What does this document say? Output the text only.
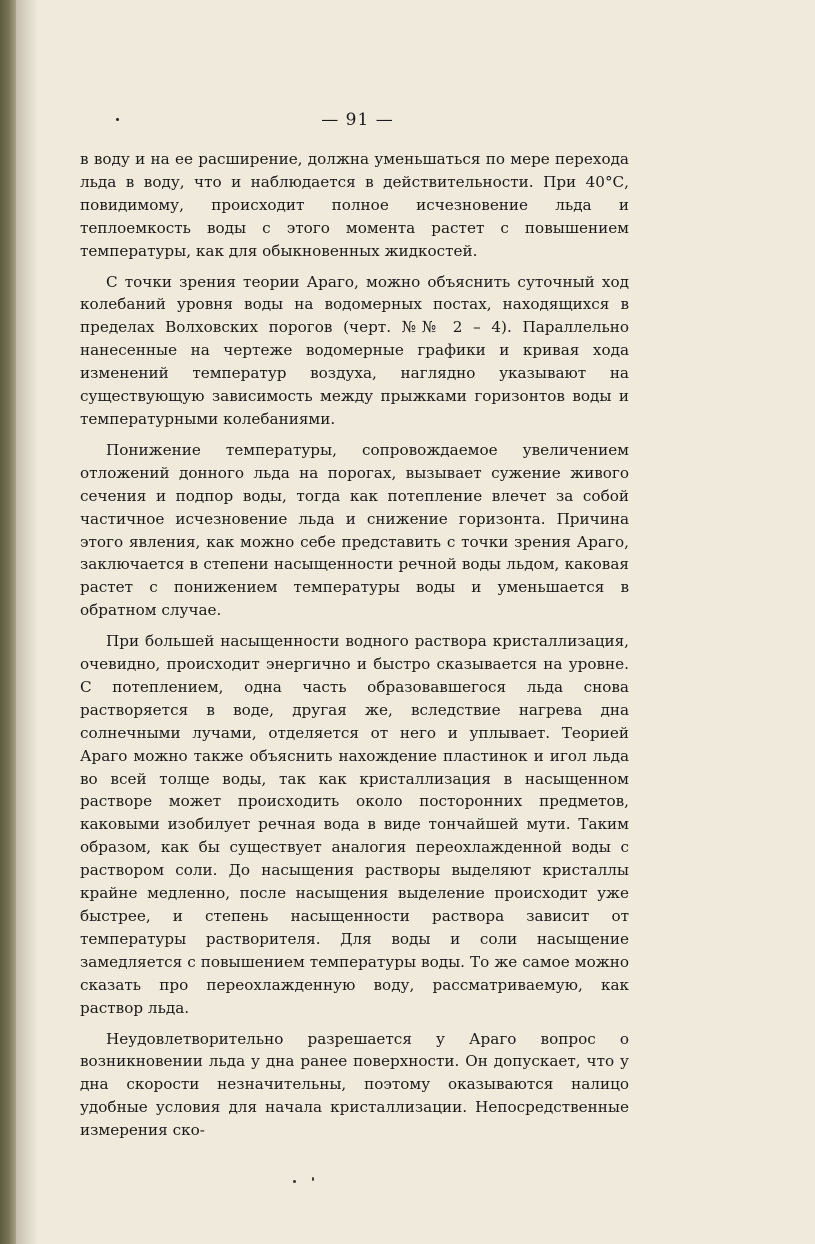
— 91 —

в воду и на ее расширение, должна уменьшаться по мере перехода льда в воду, что и наблюдается в действительности. При 40°С, повидимому, происходит полное исчезновение льда и теплоемкость воды с этого момента растет с повышением температуры, как для обыкновенных жидкостей.

С точки зрения теории Араго, можно объяснить суточный ход колебаний уровня воды на водомерных постах, находящихся в пределах Волховских порогов (черт. №№ 2 – 4). Параллельно нанесенные на чертеже водомерные графики и кривая хода изменений температур воздуха, наглядно указывают на существующую зависимость между прыжками горизонтов воды и температурными колебаниями.

Понижение температуры, сопровождаемое увеличением отложений донного льда на порогах, вызывает сужение живого сечения и подпор воды, тогда как потепление влечет за собой частичное исчезновение льда и снижение горизонта. Причина этого явления, как можно себе представить с точки зрения Араго, заключается в степени насыщенности речной воды льдом, каковая растет с понижением температуры воды и уменьшается в обратном случае.

При большей насыщенности водного раствора кристаллизация, очевидно, происходит энергично и быстро сказывается на уровне. С потеплением, одна часть образовавшегося льда снова растворяется в воде, другая же, вследствие нагрева дна солнечными лучами, отделяется от него и уплывает. Теорией Араго можно также объяснить нахождение пластинок и игол льда во всей толще воды, так как кристаллизация в насыщенном растворе может происходить около посторонних предметов, каковыми изобилует речная вода в виде тончайшей мути. Таким образом, как бы существует аналогия переохлажденной воды с раствором соли. До насыщения растворы выделяют кристаллы крайне медленно, после насыщения выделение происходит уже быстрее, и степень насыщенности раствора зависит от температуры растворителя. Для воды и соли насыщение замедляется с повышением температуры воды. То же самое можно сказать про переохлажденную воду, рассматриваемую, как раствор льда.

Неудовлетворительно разрешается у Араго вопрос о возникновении льда у дна ранее поверхности. Он допускает, что у дна скорости незначительны, поэтому оказываются налицо удобные условия для начала кристаллизации. Непосредственные измерения ско-
